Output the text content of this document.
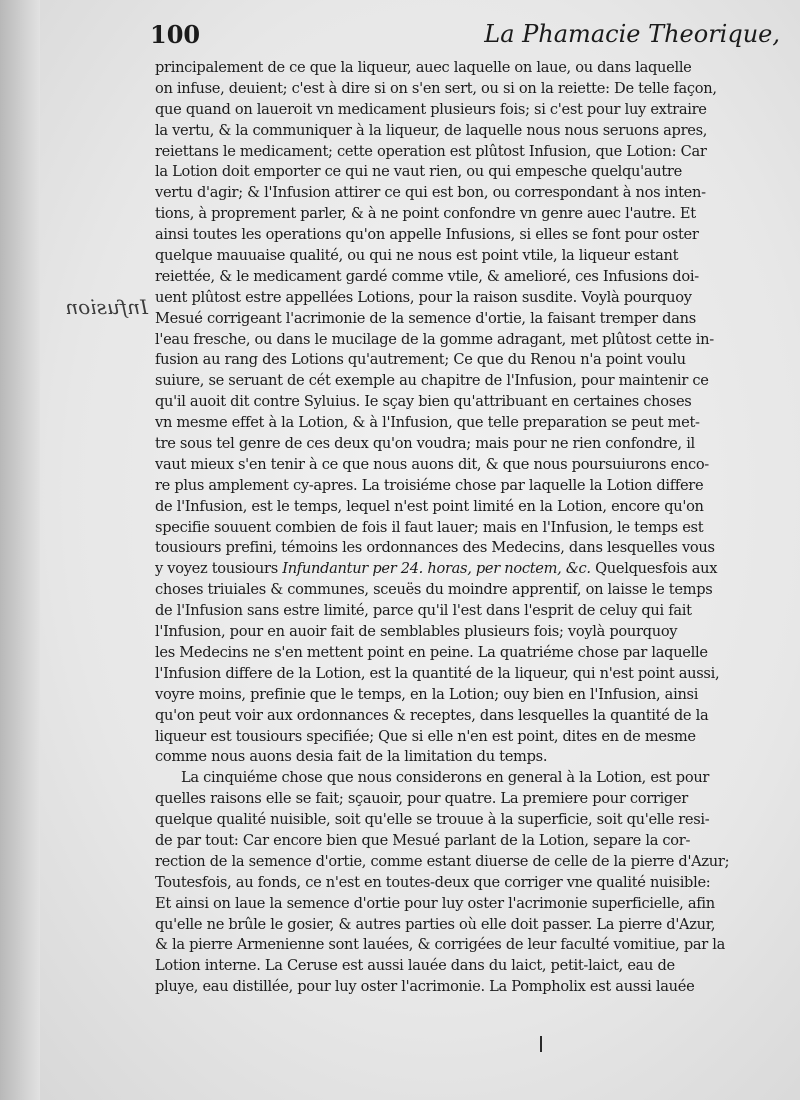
100	La Phamacie Theorique,
Infusion
principalement de ce que la liqueur, auec laquelle on laue, ou dans laquelle
on infuse, deuient; c'est à dire si on s'en sert, ou si on la reiette: De telle façon,
que quand on laueroit vn medicament plusieurs fois; si c'est pour luy extraire
la vertu, & la communiquer à la liqueur, de laquelle nous nous seruons apres,
reiettans le medicament; cette operation est plûtost Infusion, que Lotion: Car
la Lotion doit emporter ce qui ne vaut rien, ou qui empesche quelqu'autre
vertu d'agir; & l'Infusion attirer ce qui est bon, ou correspondant à nos inten-
tions, à proprement parler, & à ne point confondre vn genre auec l'autre. Et
ainsi toutes les operations qu'on appelle Infusions, si elles se font pour oster
quelque mauuaise qualité, ou qui ne nous est point vtile, la liqueur estant
reiettée, & le medicament gardé comme vtile, & amelioré, ces Infusions doi-
uent plûtost estre appellées Lotions, pour la raison susdite. Voylà pourquoy
Mesué corrigeant l'acrimonie de la semence d'ortie, la faisant tremper dans
l'eau fresche, ou dans le mucilage de la gomme adragant, met plûtost cette in-
fusion au rang des Lotions qu'autrement; Ce que du Renou n'a point voulu
suiure, se seruant de cét exemple au chapitre de l'Infusion, pour maintenir ce
qu'il auoit dit contre Syluius. Ie sçay bien qu'attribuant en certaines choses
vn mesme effet à la Lotion, & à l'Infusion, que telle preparation se peut met-
tre sous tel genre de ces deux qu'on voudra; mais pour ne rien confondre, il
vaut mieux s'en tenir à ce que nous auons dit, & que nous poursuiurons enco-
re plus amplement cy-apres. La troisiéme chose par laquelle la Lotion differe
de l'Infusion, est le temps, lequel n'est point limité en la Lotion, encore qu'on
specifie souuent combien de fois il faut lauer; mais en l'Infusion, le temps est
tousiours prefini, témoins les ordonnances des Medecins, dans lesquelles vous
y voyez tousiours Infundantur per 24. horas, per noctem, &c. Quelquesfois aux
choses triuiales & communes, sceuës du moindre apprentif, on laisse le temps
de l'Infusion sans estre limité, parce qu'il l'est dans l'esprit de celuy qui fait
l'Infusion, pour en auoir fait de semblables plusieurs fois; voylà pourquoy
les Medecins ne s'en mettent point en peine. La quatriéme chose par laquelle
l'Infusion differe de la Lotion, est la quantité de la liqueur, qui n'est point aussi,
voyre moins, prefinie que le temps, en la Lotion; ouy bien en l'Infusion, ainsi
qu'on peut voir aux ordonnances & receptes, dans lesquelles la quantité de la
liqueur est tousiours specifiée; Que si elle n'en est point, dites en de mesme
comme nous auons desia fait de la limitation du temps.
La cinquiéme chose que nous considerons en general à la Lotion, est pour
quelles raisons elle se fait; sçauoir, pour quatre. La premiere pour corriger
quelque qualité nuisible, soit qu'elle se trouue à la superficie, soit qu'elle resi-
de par tout: Car encore bien que Mesué parlant de la Lotion, separe la cor-
rection de la semence d'ortie, comme estant diuerse de celle de la pierre d'Azur;
Toutesfois, au fonds, ce n'est en toutes-deux que corriger vne qualité nuisible:
Et ainsi on laue la semence d'ortie pour luy oster l'acrimonie superficielle, afin
qu'elle ne brûle le gosier, & autres parties où elle doit passer. La pierre d'Azur,
& la pierre Armenienne sont lauées, & corrigées de leur faculté vomitiue, par la
Lotion interne. La Ceruse est aussi lauée dans du laict, petit-laict, eau de
pluye, eau distillée, pour luy oster l'acrimonie. La Pompholix est aussi lauée
